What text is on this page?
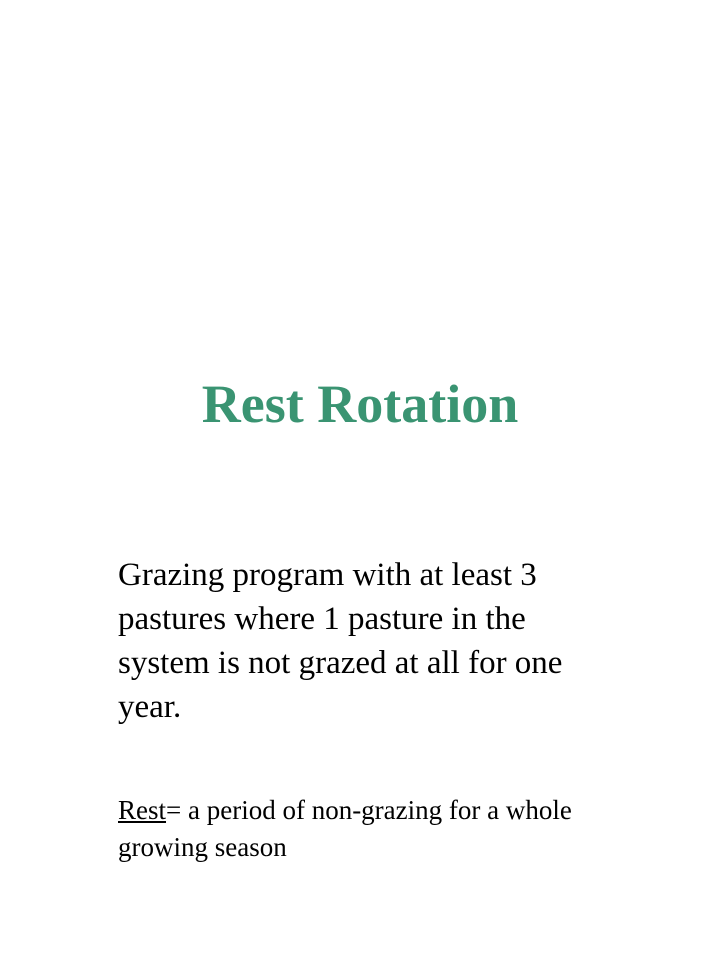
Rest Rotation

Grazing program with at least 3 pastures where 1 pasture in the system is not grazed at all for one year.

Rest= a period of non-grazing for a whole growing season
